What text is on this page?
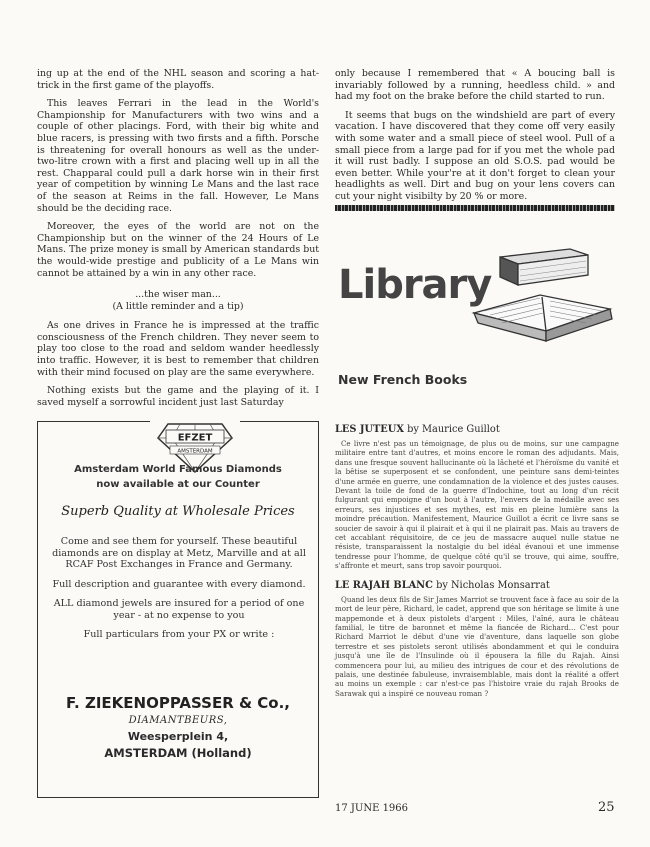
ing up at the end of the NHL season and scoring a hat-trick in the first game of the playoffs.

This leaves Ferrari in the lead in the World's Championship for Manufacturers with two wins and a couple of other placings. Ford, with their big white and blue racers, is pressing with two firsts and a fifth. Porsche is threatening for overall honours as well as the under-two-litre crown with a first and placing well up in all the rest. Chapparal could pull a dark horse win in their first year of competition by winning Le Mans and the last race of the season at Reims in the fall. However, Le Mans should be the deciding race.

Moreover, the eyes of the world are not on the Championship but on the winner of the 24 Hours of Le Mans. The prize money is small by American standards but the would-wide prestige and publicity of a Le Mans win cannot be attained by a win in any other race.

...the wiser man...
(A little reminder and a tip)

As one drives in France he is impressed at the traffic consciousness of the French children. They never seem to play too close to the road and seldom wander heedlessly into traffic. However, it is best to remember that children with their mind focused on play are the same everywhere.

Nothing exists but the game and the playing of it. I saved myself a sorrowful incident just last Saturday

only because I remembered that « A boucing ball is invariably followed by a running, heedless child. » and had my foot on the brake before the child started to run.

It seems that bugs on the windshield are part of every vacation. I have discovered that they come off very easily with some water and a small piece of steel wool. Pull of a small piece from a large pad for if you met the whole pad it will rust badly. I suppose an old S.O.S. pad would be even better. While your're at it don't forget to clean your headlights as well. Dirt and bug on your lens covers can cut your night visibilty by 20 % or more.

Library
New French Books
EFZET
AMSTERDAM
Amsterdam World Famous Diamonds
now available at our Counter
Superb Quality at Wholesale Prices

Come and see them for yourself. These beautiful diamonds are on display at Metz, Marville and at all RCAF Post Exchanges in France and Germany.

Full description and guarantee with every diamond.

ALL diamond jewels are insured for a period of one year - at no expense to you

Full particulars from your PX or write :

F. ZIEKENOPPASSER & Co.,
DIAMANTBEURS,
Weesperplein 4,
AMSTERDAM (Holland)
LES JUTEUX by Maurice Guillot
Ce livre n'est pas un témoignage, de plus ou de moins, sur une campagne militaire entre tant d'autres, et moins encore le roman des adjudants. Mais, dans une fresque souvent hallucinante où la lâcheté et l'héroïsme du vanité et la bêtise se superposent et se confondent, une peinture sans demi-teintes d'une armée en guerre, une condamnation de la violence et des justes causes. Devant la toile de fond de la guerre d'Indochine, tout au long d'un récit fulgurant qui empoigne d'un bout à l'autre, l'envers de la médaille avec ses erreurs, ses injustices et ses mythes, est mis en pleine lumière sans la moindre précaution. Manifestement, Maurice Guillot a écrit ce livre sans se soucier de savoir à qui il plairait et à qui il ne plairait pas. Mais au travers de cet accablant réquisitoire, de ce jeu de massacre auquel nulle statue ne résiste, transparaissent la nostalgie du bel idéal évanoui et une immense tendresse pour l'homme, de quelque côté qu'il se trouve, qui aime, souffre, s'affronte et meurt, sans trop savoir pourquoi.
LE RAJAH BLANC by Nicholas Monsarrat
Quand les deux fils de Sir James Marriot se trouvent face à face au soir de la mort de leur père, Richard, le cadet, apprend que son héritage se limite à une mappemonde et à deux pistolets d'argent : Miles, l'aîné, aura le château familial, le titre de baronnet et même la fiancée de Richard... C'est pour Richard Marriot le début d'une vie d'aventure, dans laquelle son globe terrestre et ses pistolets seront utilisés abondamment et qui le conduira jusqu'à une île de l'Insulinde où il épousera la fille du Rajah. Ainsi commencera pour lui, au milieu des intrigues de cour et des révolutions de palais, une destinée fabuleuse, invraisemblable, mais dont la réalité a offert au moins un exemple : car n'est-ce pas l'histoire vraie du rajah Brooks de Sarawak qui a inspiré ce nouveau roman ?
17 JUNE 1966	25
